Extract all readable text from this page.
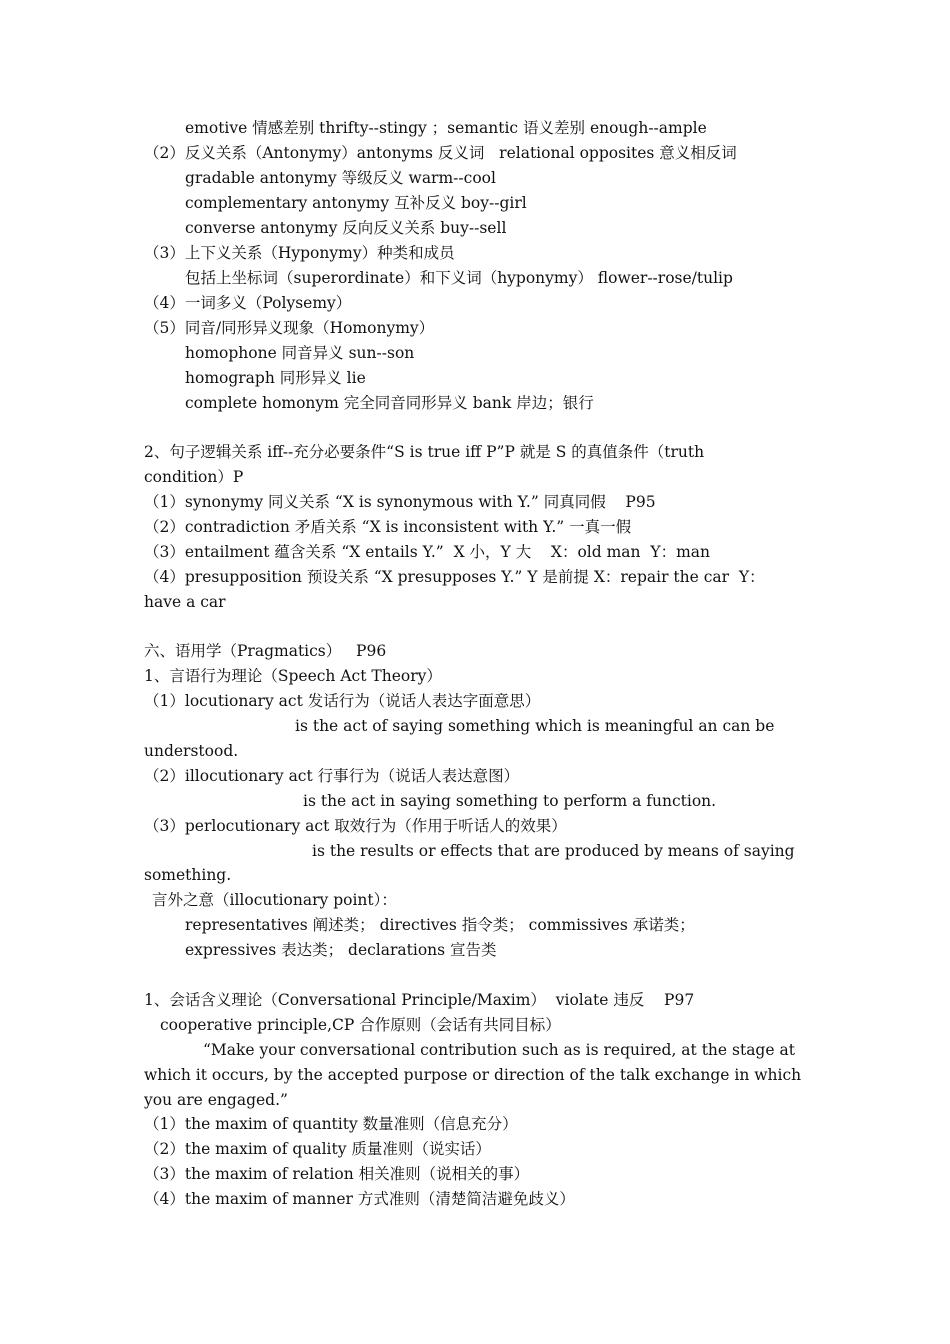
emotive 情感差别 thrifty--stingy ；semantic 语义差别 enough--ample
（2）反义关系（Antonymy）antonyms 反义词   relational opposites 意义相反词
gradable antonymy 等级反义 warm--cool
complementary antonymy 互补反义 boy--girl
converse antonymy 反向反义关系 buy--sell
（3）上下义关系（Hyponymy）种类和成员
包括上坐标词（superordinate）和下义词（hyponymy） flower--rose/tulip
（4）一词多义（Polysemy）
（5）同音/同形异义现象（Homonymy）
homophone 同音异义 sun--son
homograph 同形异义 lie
complete homonym 完全同音同形异义 bank 岸边；银行
2、句子逻辑关系 iff--充分必要条件“S is true iff P”P 就是 S 的真值条件（truth
condition）P
（1）synonymy 同义关系 “X is synonymous with Y.” 同真同假    P95
（2）contradiction 矛盾关系 “X is inconsistent with Y.” 一真一假
（3）entailment 蕴含关系 “X entails Y.”  X 小，Y 大    X：old man  Y：man
（4）presupposition 预设关系 “X presupposes Y.” Y 是前提 X：repair the car  Y：
have a car
六、语用学（Pragmatics）   P96
1、言语行为理论（Speech Act Theory）
（1）locutionary act 发话行为（说话人表达字面意思）
is the act of saying something which is meaningful an can be
understood.
（2）illocutionary act 行事行为（说话人表达意图）
is the act in saying something to perform a function.
（3）perlocutionary act 取效行为（作用于听话人的效果）
is the results or effects that are produced by means of saying
something.
言外之意（illocutionary point）：
representatives 阐述类； directives 指令类； commissives 承诺类；
expressives 表达类； declarations 宣告类
1、会话含义理论（Conversational Principle/Maxim）  violate 违反    P97
cooperative principle,CP 合作原则（会话有共同目标）
“Make your conversational contribution such as is required, at the stage at
which it occurs, by the accepted purpose or direction of the talk exchange in which
you are engaged.”
（1）the maxim of quantity 数量准则（信息充分）
（2）the maxim of quality 质量准则（说实话）
（3）the maxim of relation 相关准则（说相关的事）
（4）the maxim of manner 方式准则（清楚简洁避免歧义）
